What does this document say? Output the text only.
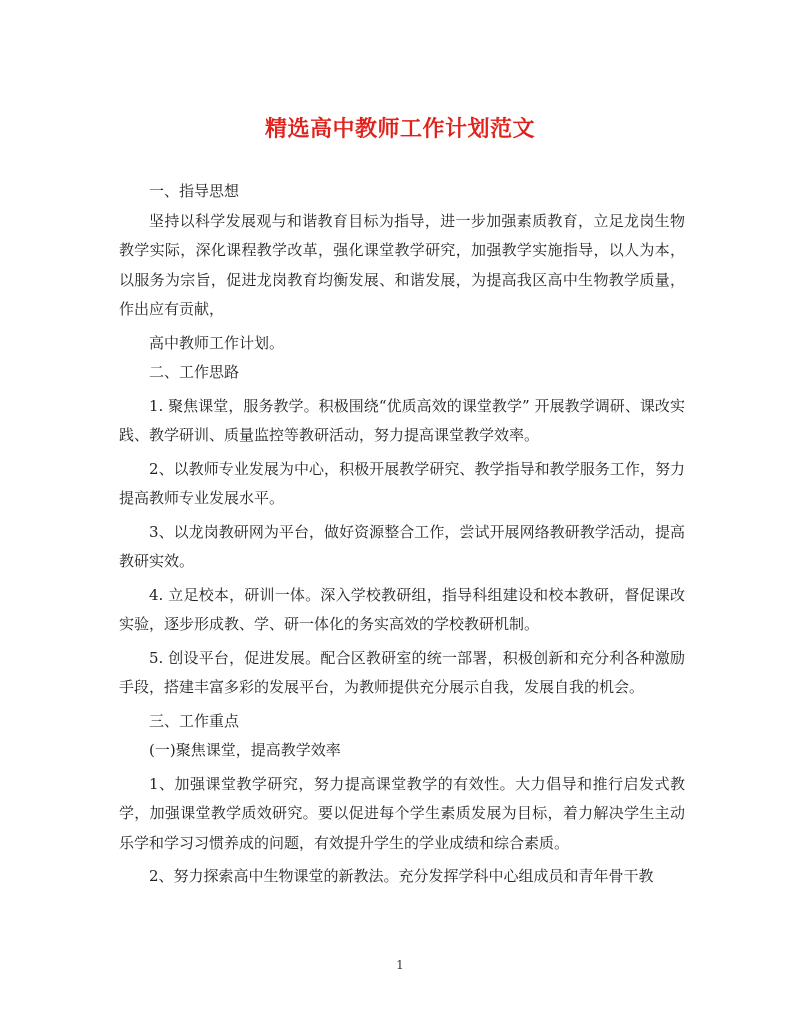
精选高中教师工作计划范文

一、指导思想

坚持以科学发展观与和谐教育目标为指导，进一步加强素质教育，立足龙岗生物教学实际，深化课程教学改革，强化课堂教学研究，加强教学实施指导，以人为本，以服务为宗旨，促进龙岗教育均衡发展、和谐发展，为提高我区高中生物教学质量，作出应有贡献，

高中教师工作计划。

二、工作思路

1. 聚焦课堂，服务教学。积极围绕“优质高效的课堂教学” 开展教学调研、课改实践、教学研训、质量监控等教研活动，努力提高课堂教学效率。

2、以教师专业发展为中心，积极开展教学研究、教学指导和教学服务工作，努力提高教师专业发展水平。

3、以龙岗教研网为平台，做好资源整合工作，尝试开展网络教研教学活动，提高教研实效。

4. 立足校本，研训一体。深入学校教研组，指导科组建设和校本教研，督促课改实验，逐步形成教、学、研一体化的务实高效的学校教研机制。

5. 创设平台，促进发展。配合区教研室的统一部署，积极创新和充分利各种激励手段，搭建丰富多彩的发展平台，为教师提供充分展示自我，发展自我的机会。

三、工作重点

(一)聚焦课堂，提高教学效率

1、加强课堂教学研究，努力提高课堂教学的有效性。大力倡导和推行启发式教学，加强课堂教学质效研究。要以促进每个学生素质发展为目标，着力解决学生主动乐学和学习习惯养成的问题，有效提升学生的学业成绩和综合素质。

2、努力探索高中生物课堂的新教法。充分发挥学科中心组成员和青年骨干教

1
